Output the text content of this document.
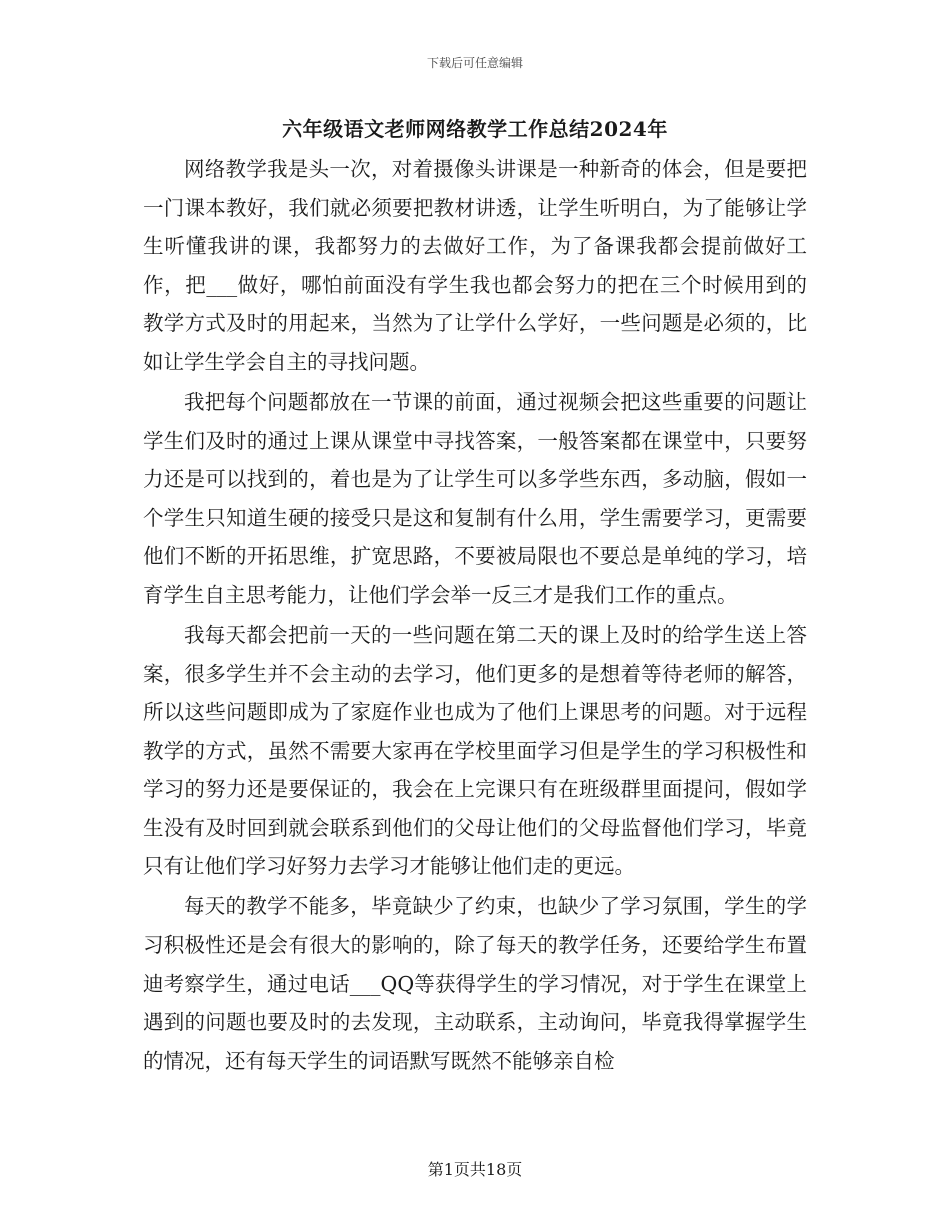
下载后可任意编辑
六年级语文老师网络教学工作总结2024年

网络教学我是头一次，对着摄像头讲课是一种新奇的体会，但是要把一门课本教好，我们就必须要把教材讲透，让学生听明白，为了能够让学生听懂我讲的课，我都努力的去做好工作，为了备课我都会提前做好工作，把___做好，哪怕前面没有学生我也都会努力的把在三个时候用到的教学方式及时的用起来，当然为了让学什么学好，一些问题是必须的，比如让学生学会自主的寻找问题。

我把每个问题都放在一节课的前面，通过视频会把这些重要的问题让学生们及时的通过上课从课堂中寻找答案，一般答案都在课堂中，只要努力还是可以找到的，着也是为了让学生可以多学些东西，多动脑，假如一个学生只知道生硬的接受只是这和复制有什么用，学生需要学习，更需要他们不断的开拓思维，扩宽思路，不要被局限也不要总是单纯的学习，培育学生自主思考能力，让他们学会举一反三才是我们工作的重点。

我每天都会把前一天的一些问题在第二天的课上及时的给学生送上答案，很多学生并不会主动的去学习，他们更多的是想着等待老师的解答，所以这些问题即成为了家庭作业也成为了他们上课思考的问题。对于远程教学的方式，虽然不需要大家再在学校里面学习但是学生的学习积极性和学习的努力还是要保证的，我会在上完课只有在班级群里面提问，假如学生没有及时回到就会联系到他们的父母让他们的父母监督他们学习，毕竟只有让他们学习好努力去学习才能够让他们走的更远。

每天的教学不能多，毕竟缺少了约束，也缺少了学习氛围，学生的学习积极性还是会有很大的影响的，除了每天的教学任务，还要给学生布置迪考察学生，通过电话___QQ等获得学生的学习情况，对于学生在课堂上遇到的问题也要及时的去发现，主动联系，主动询问，毕竟我得掌握学生的情况，还有每天学生的词语默写既然不能够亲自检

第1页共18页
